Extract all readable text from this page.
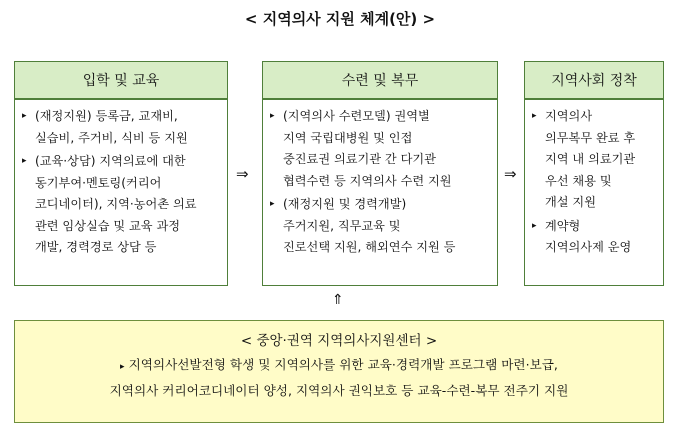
< 지역의사 지원 체계(안) >
입학 및 교육
▸ (재정지원) 등록금, 교재비,
실습비, 주거비, 식비 등 지원
▸ (교육·상담) 지역의료에 대한
동기부여·멘토링(커리어
코디네이터), 지역·농어촌 의료
관련 임상실습 및 교육 과정
개발, 경력경로 상담 등
⇒
수련 및 복무
▸ (지역의사 수련모델) 권역별
지역 국립대병원 및 인접
중진료권 의료기관 간 다기관
협력수련 등 지역의사 수련 지원
▸ (재정지원 및 경력개발)
주거지원, 직무교육 및
진로선택 지원, 해외연수 지원 등
⇒
지역사회 정착
▸ 지역의사
의무복무 완료 후
지역 내 의료기관
우선 채용 및
개설 지원
▸ 계약형
지역의사제 운영
⇑
< 중앙·권역 지역의사지원센터 >
▸ 지역의사선발전형 학생 및 지역의사를 위한 교육·경력개발 프로그램 마련·보급,
지역의사 커리어코디네이터 양성, 지역의사 권익보호 등 교육-수련-복무 전주기 지원
